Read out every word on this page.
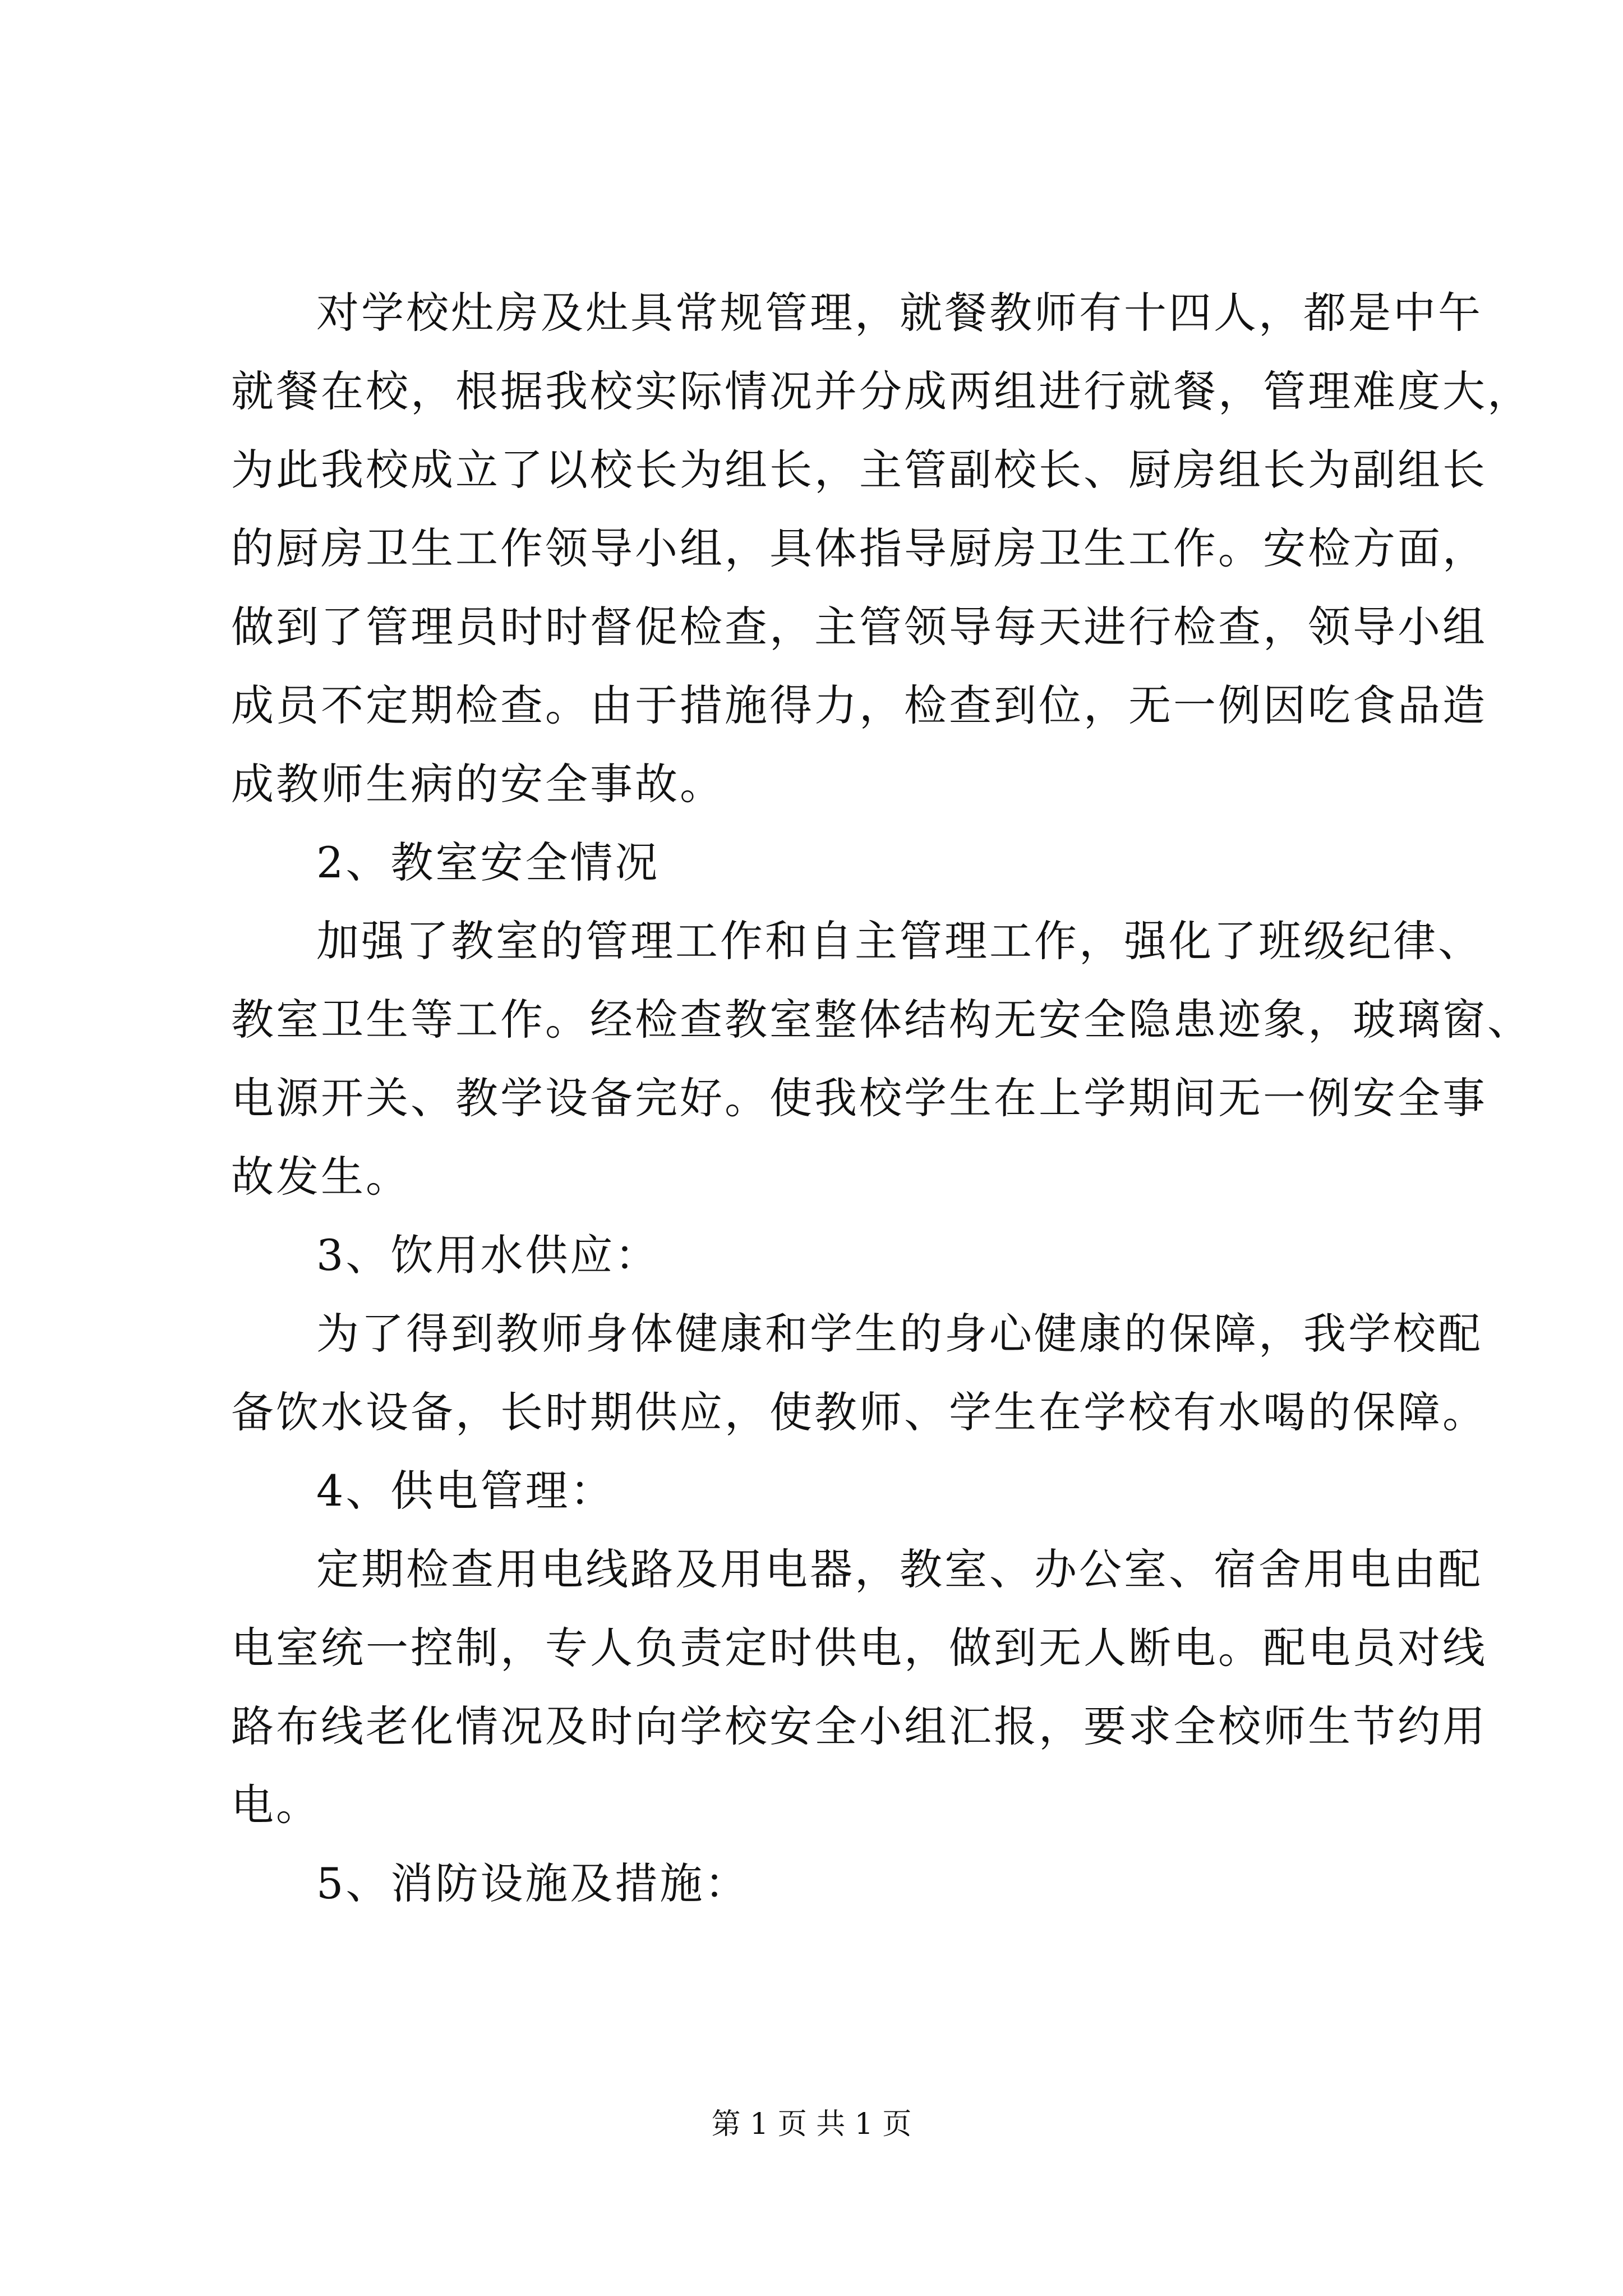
对学校灶房及灶具常规管理，就餐教师有十四人，都是中午
就餐在校，根据我校实际情况并分成两组进行就餐，管理难度大，
为此我校成立了以校长为组长，主管副校长、厨房组长为副组长
的厨房卫生工作领导小组，具体指导厨房卫生工作。安检方面，
做到了管理员时时督促检查，主管领导每天进行检查，领导小组
成员不定期检查。由于措施得力，检查到位，无一例因吃食品造
成教师生病的安全事故。
2、教室安全情况
加强了教室的管理工作和自主管理工作，强化了班级纪律、
教室卫生等工作。经检查教室整体结构无安全隐患迹象，玻璃窗、
电源开关、教学设备完好。使我校学生在上学期间无一例安全事
故发生。
3、饮用水供应：
为了得到教师身体健康和学生的身心健康的保障，我学校配
备饮水设备，长时期供应，使教师、学生在学校有水喝的保障。
4、供电管理：
定期检查用电线路及用电器，教室、办公室、宿舍用电由配
电室统一控制，专人负责定时供电，做到无人断电。配电员对线
路布线老化情况及时向学校安全小组汇报，要求全校师生节约用
电。
5、消防设施及措施：
第 1 页 共 1 页
